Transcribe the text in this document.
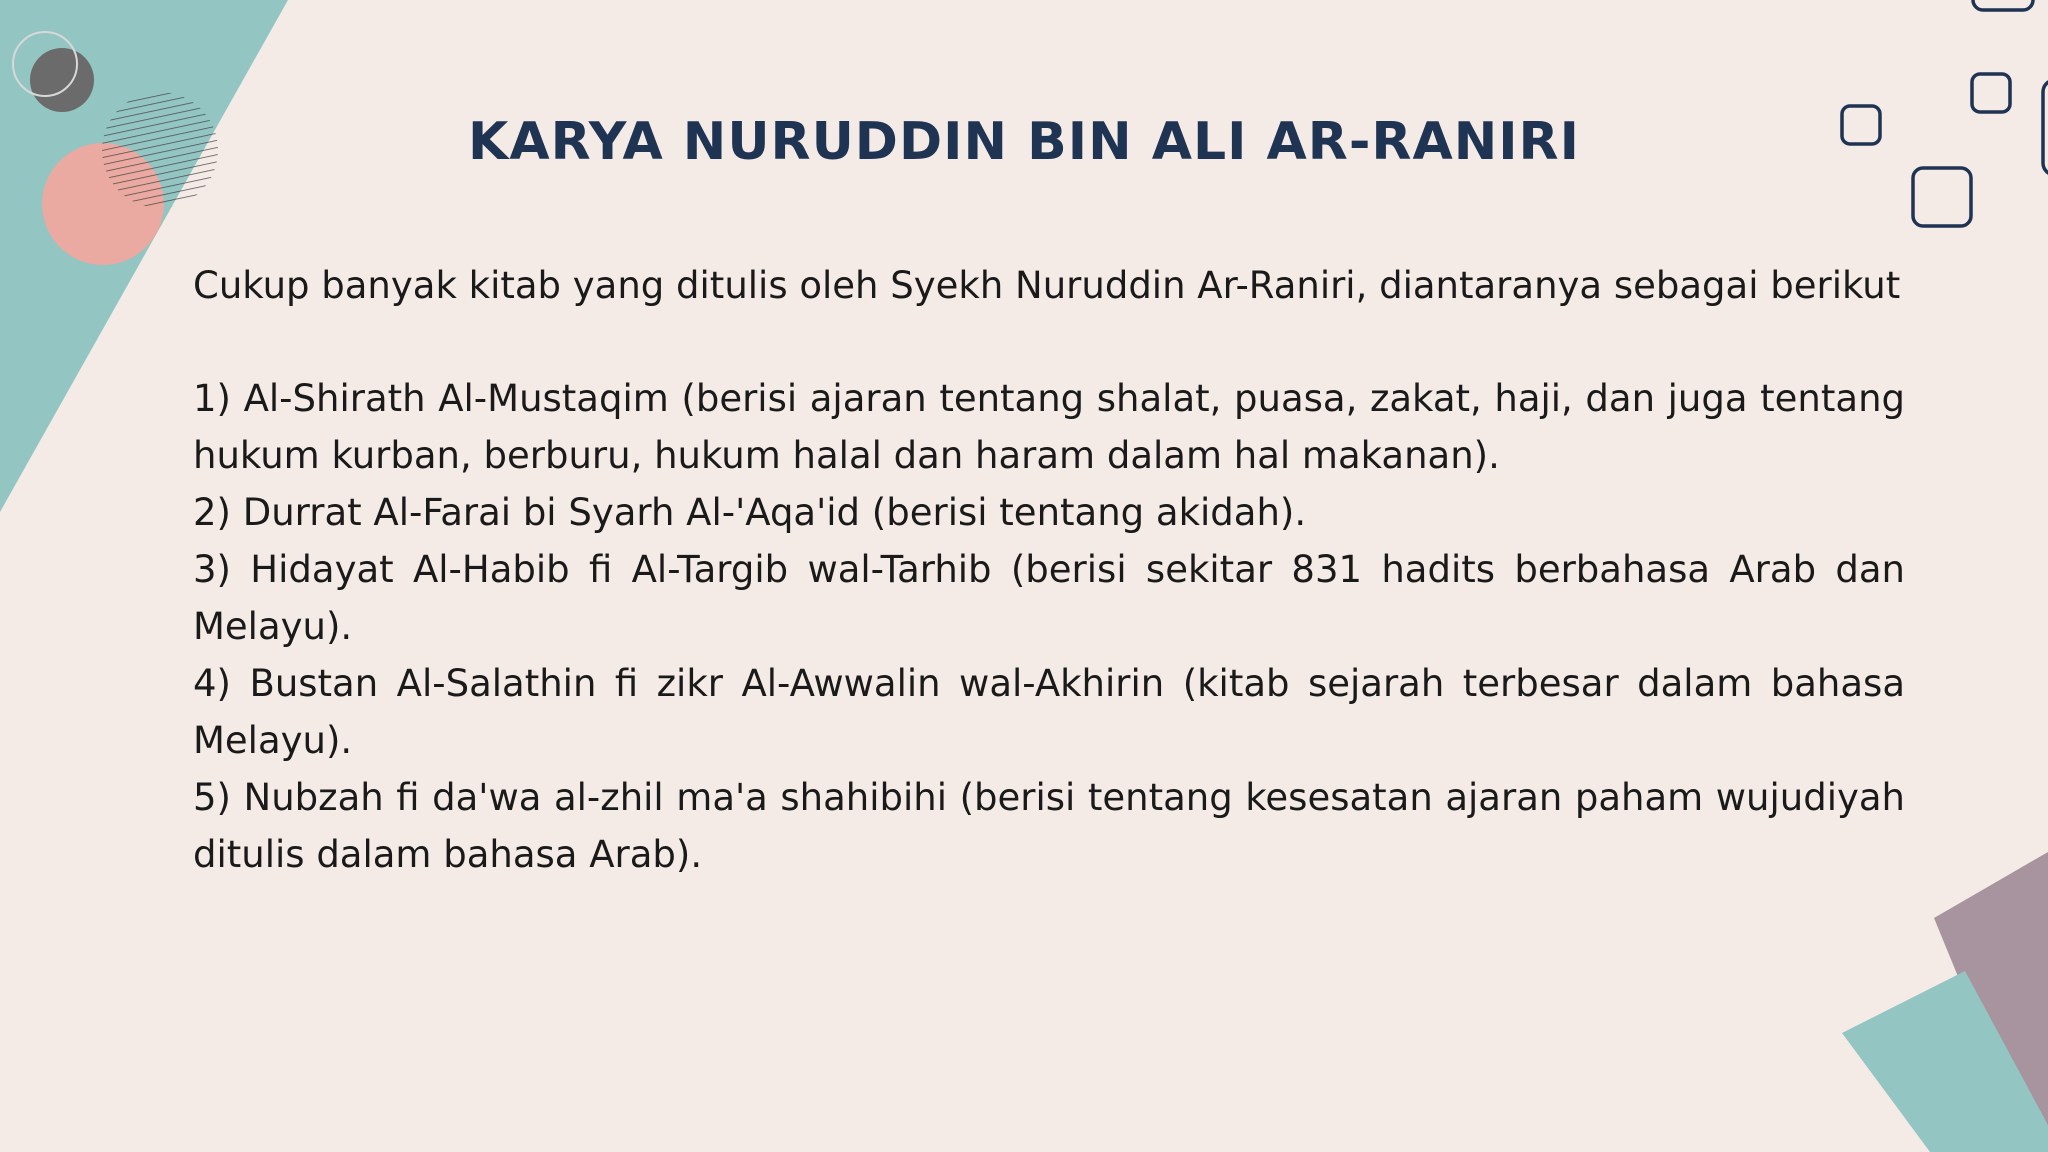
KARYA NURUDDIN BIN ALI AR-RANIRI

Cukup banyak kitab yang ditulis oleh Syekh Nuruddin Ar-Raniri, diantaranya sebagai berikut

1) Al-Shirath Al-Mustaqim (berisi ajaran tentang shalat, puasa, zakat, haji, dan juga tentang hukum kurban, berburu, hukum halal dan haram dalam hal makanan).
2) Durrat Al-Farai bi Syarh Al-'Aqa'id (berisi tentang akidah).
3) Hidayat Al-Habib fi Al-Targib wal-Tarhib (berisi sekitar 831 hadits berbahasa Arab dan Melayu).
4) Bustan Al-Salathin fi zikr Al-Awwalin wal-Akhirin (kitab sejarah terbesar dalam bahasa Melayu).
5) Nubzah fi da'wa al-zhil ma'a shahibihi (berisi tentang kesesatan ajaran paham wujudiyah ditulis dalam bahasa Arab).
